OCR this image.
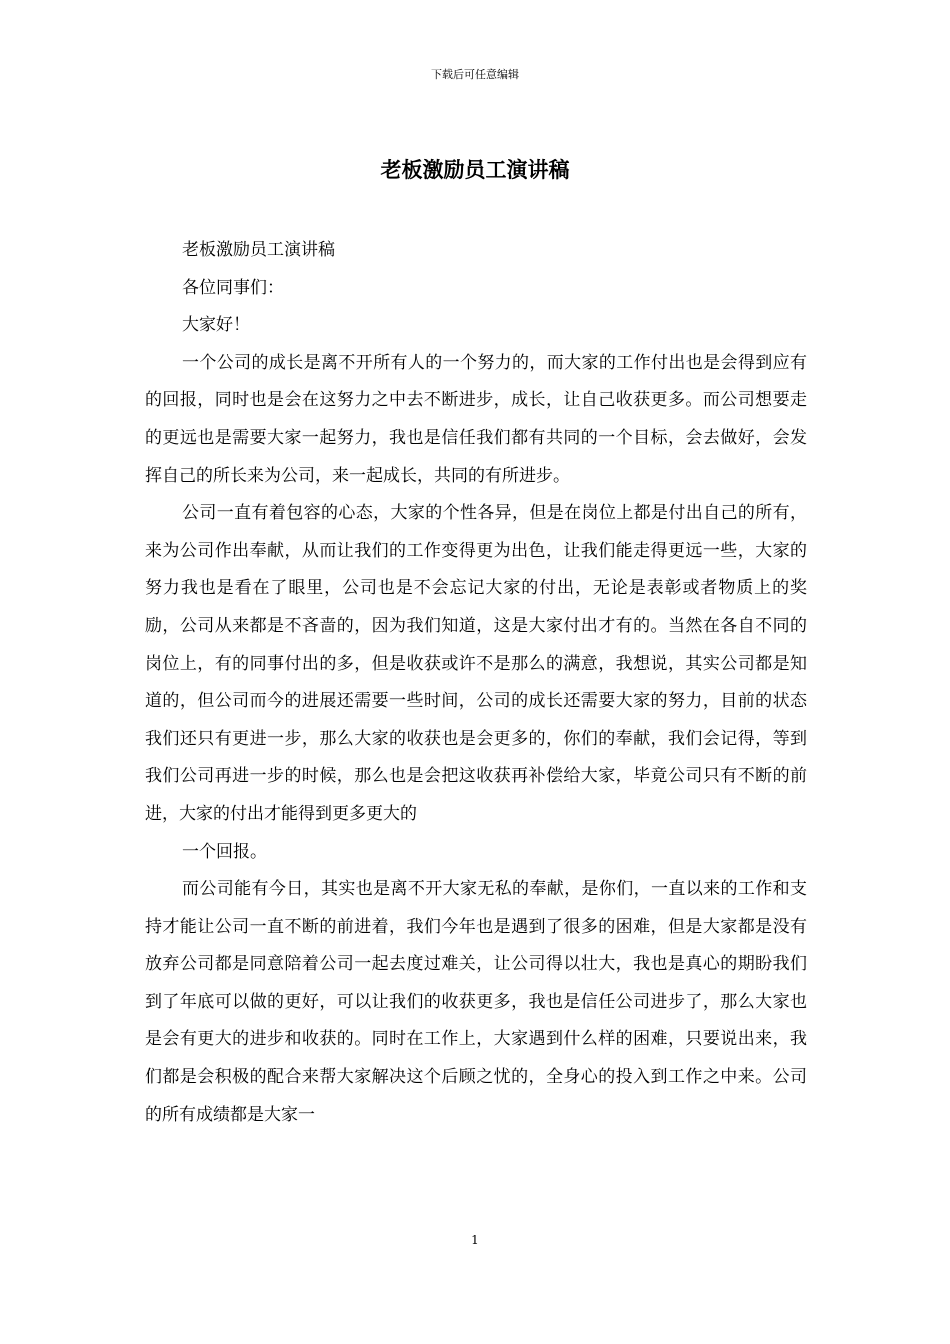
下载后可任意编辑
老板激励员工演讲稿

老板激励员工演讲稿

各位同事们：

大家好！

一个公司的成长是离不开所有人的一个努力的，而大家的工作付出也是会得到应有的回报，同时也是会在这努力之中去不断进步，成长，让自己收获更多。而公司想要走的更远也是需要大家一起努力，我也是信任我们都有共同的一个目标，会去做好，会发挥自己的所长来为公司，来一起成长，共同的有所进步。

公司一直有着包容的心态，大家的个性各异，但是在岗位上都是付出自己的所有，来为公司作出奉献，从而让我们的工作变得更为出色，让我们能走得更远一些，大家的努力我也是看在了眼里，公司也是不会忘记大家的付出，无论是表彰或者物质上的奖励，公司从来都是不吝啬的，因为我们知道，这是大家付出才有的。当然在各自不同的岗位上，有的同事付出的多，但是收获或许不是那么的满意，我想说，其实公司都是知道的，但公司而今的进展还需要一些时间，公司的成长还需要大家的努力，目前的状态我们还只有更进一步，那么大家的收获也是会更多的，你们的奉献，我们会记得，等到我们公司再进一步的时候，那么也是会把这收获再补偿给大家，毕竟公司只有不断的前进，大家的付出才能得到更多更大的

一个回报。

而公司能有今日，其实也是离不开大家无私的奉献，是你们，一直以来的工作和支持才能让公司一直不断的前进着，我们今年也是遇到了很多的困难，但是大家都是没有放弃公司都是同意陪着公司一起去度过难关，让公司得以壮大，我也是真心的期盼我们到了年底可以做的更好，可以让我们的收获更多，我也是信任公司进步了，那么大家也是会有更大的进步和收获的。同时在工作上，大家遇到什么样的困难，只要说出来，我们都是会积极的配合来帮大家解决这个后顾之忧的，全身心的投入到工作之中来。公司的所有成绩都是大家一

1
